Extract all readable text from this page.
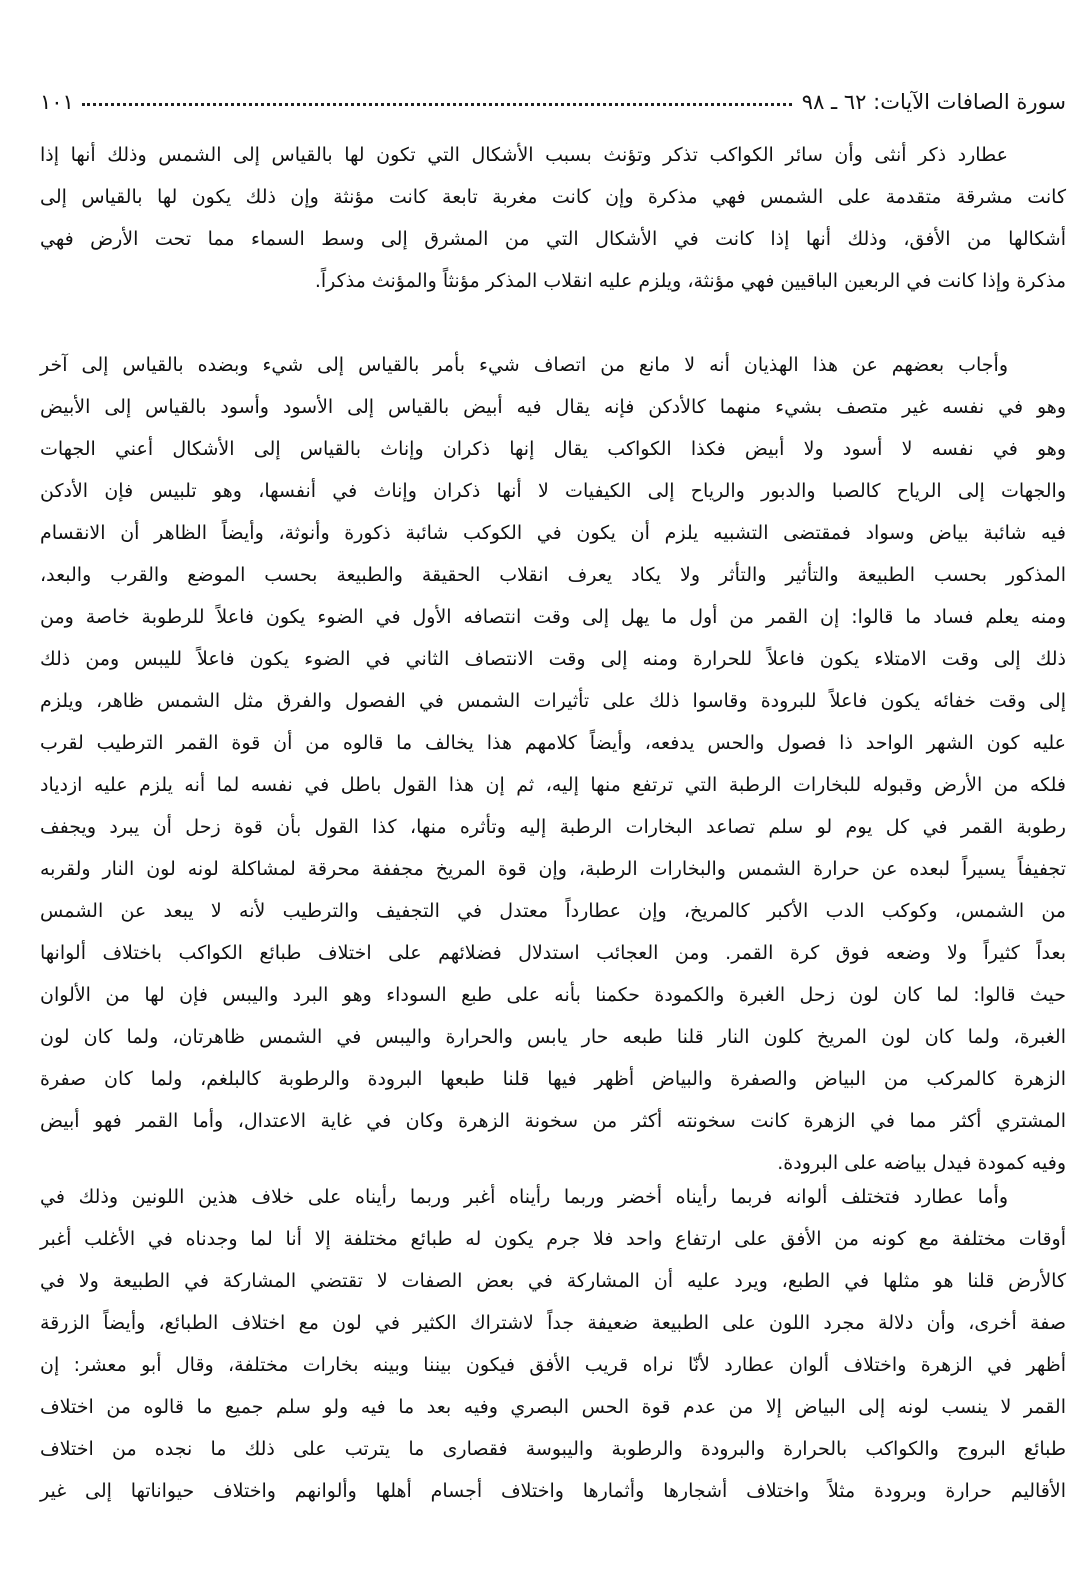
سورة الصافات الآيات: ٦٢ ـ ٩٨
١٠١
عطارد ذكر أنثى وأن سائر الكواكب تذكر وتؤنث بسبب الأشكال التي تكون لها بالقياس إلى الشمس وذلك أنها إذا
كانت مشرقة متقدمة على الشمس فهي مذكرة وإن كانت مغربة تابعة كانت مؤنثة وإن ذلك يكون لها بالقياس إلى
أشكالها من الأفق، وذلك أنها إذا كانت في الأشكال التي من المشرق إلى وسط السماء مما تحت الأرض فهي
مذكرة وإذا كانت في الربعين الباقيين فهي مؤنثة، ويلزم عليه انقلاب المذكر مؤنثاً والمؤنث مذكراً.
وأجاب بعضهم عن هذا الهذيان أنه لا مانع من اتصاف شيء بأمر بالقياس إلى شيء وبضده بالقياس إلى آخر
وهو في نفسه غير متصف بشيء منهما كالأدكن فإنه يقال فيه أبيض بالقياس إلى الأسود وأسود بالقياس إلى الأبيض
وهو في نفسه لا أسود ولا أبيض فكذا الكواكب يقال إنها ذكران وإناث بالقياس إلى الأشكال أعني الجهات
والجهات إلى الرياح كالصبا والدبور والرياح إلى الكيفيات لا أنها ذكران وإناث في أنفسها، وهو تلبيس فإن الأدكن
فيه شائبة بياض وسواد فمقتضى التشبيه يلزم أن يكون في الكوكب شائبة ذكورة وأنوثة، وأيضاً الظاهر أن الانقسام
المذكور بحسب الطبيعة والتأثير والتأثر ولا يكاد يعرف انقلاب الحقيقة والطبيعة بحسب الموضع والقرب والبعد،
ومنه يعلم فساد ما قالوا: إن القمر من أول ما يهل إلى وقت انتصافه الأول في الضوء يكون فاعلاً للرطوبة خاصة ومن
ذلك إلى وقت الامتلاء يكون فاعلاً للحرارة ومنه إلى وقت الانتصاف الثاني في الضوء يكون فاعلاً لليبس ومن ذلك
إلى وقت خفائه يكون فاعلاً للبرودة وقاسوا ذلك على تأثيرات الشمس في الفصول والفرق مثل الشمس ظاهر، ويلزم
عليه كون الشهر الواحد ذا فصول والحس يدفعه، وأيضاً كلامهم هذا يخالف ما قالوه من أن قوة القمر الترطيب لقرب
فلكه من الأرض وقبوله للبخارات الرطبة التي ترتفع منها إليه، ثم إن هذا القول باطل في نفسه لما أنه يلزم عليه ازدياد
رطوبة القمر في كل يوم لو سلم تصاعد البخارات الرطبة إليه وتأثره منها، كذا القول بأن قوة زحل أن يبرد ويجفف
تجفيفاً يسيراً لبعده عن حرارة الشمس والبخارات الرطبة، وإن قوة المريخ مجففة محرقة لمشاكلة لونه لون النار ولقربه
من الشمس، وكوكب الدب الأكبر كالمريخ، وإن عطارداً معتدل في التجفيف والترطيب لأنه لا يبعد عن الشمس
بعداً كثيراً ولا وضعه فوق كرة القمر. ومن العجائب استدلال فضلائهم على اختلاف طبائع الكواكب باختلاف ألوانها
حيث قالوا: لما كان لون زحل الغبرة والكمودة حكمنا بأنه على طبع السوداء وهو البرد واليبس فإن لها من الألوان
الغبرة، ولما كان لون المريخ كلون النار قلنا طبعه حار يابس والحرارة واليبس في الشمس ظاهرتان، ولما كان لون
الزهرة كالمركب من البياض والصفرة والبياض أظهر فيها قلنا طبعها البرودة والرطوبة كالبلغم، ولما كان صفرة
المشتري أكثر مما في الزهرة كانت سخونته أكثر من سخونة الزهرة وكان في غاية الاعتدال، وأما القمر فهو أبيض
وفيه كمودة فيدل بياضه على البرودة.
وأما عطارد فتختلف ألوانه فربما رأيناه أخضر وربما رأيناه أغبر وربما رأيناه على خلاف هذين اللونين وذلك في
أوقات مختلفة مع كونه من الأفق على ارتفاع واحد فلا جرم يكون له طبائع مختلفة إلا أنا لما وجدناه في الأغلب أغبر
كالأرض قلنا هو مثلها في الطبع، ويرد عليه أن المشاركة في بعض الصفات لا تقتضي المشاركة في الطبيعة ولا في
صفة أخرى، وأن دلالة مجرد اللون على الطبيعة ضعيفة جداً لاشتراك الكثير في لون مع اختلاف الطبائع، وأيضاً الزرقة
أظهر في الزهرة واختلاف ألوان عطارد لأنّا نراه قريب الأفق فيكون بيننا وبينه بخارات مختلفة، وقال أبو معشر: إن
القمر لا ينسب لونه إلى البياض إلا من عدم قوة الحس البصري وفيه بعد ما فيه ولو سلم جميع ما قالوه من اختلاف
طبائع البروج والكواكب بالحرارة والبرودة والرطوبة واليبوسة فقصارى ما يترتب على ذلك ما نجده من اختلاف
الأقاليم حرارة وبرودة مثلاً واختلاف أشجارها وأثمارها واختلاف أجسام أهلها وألوانهم واختلاف حيواناتها إلى غير
